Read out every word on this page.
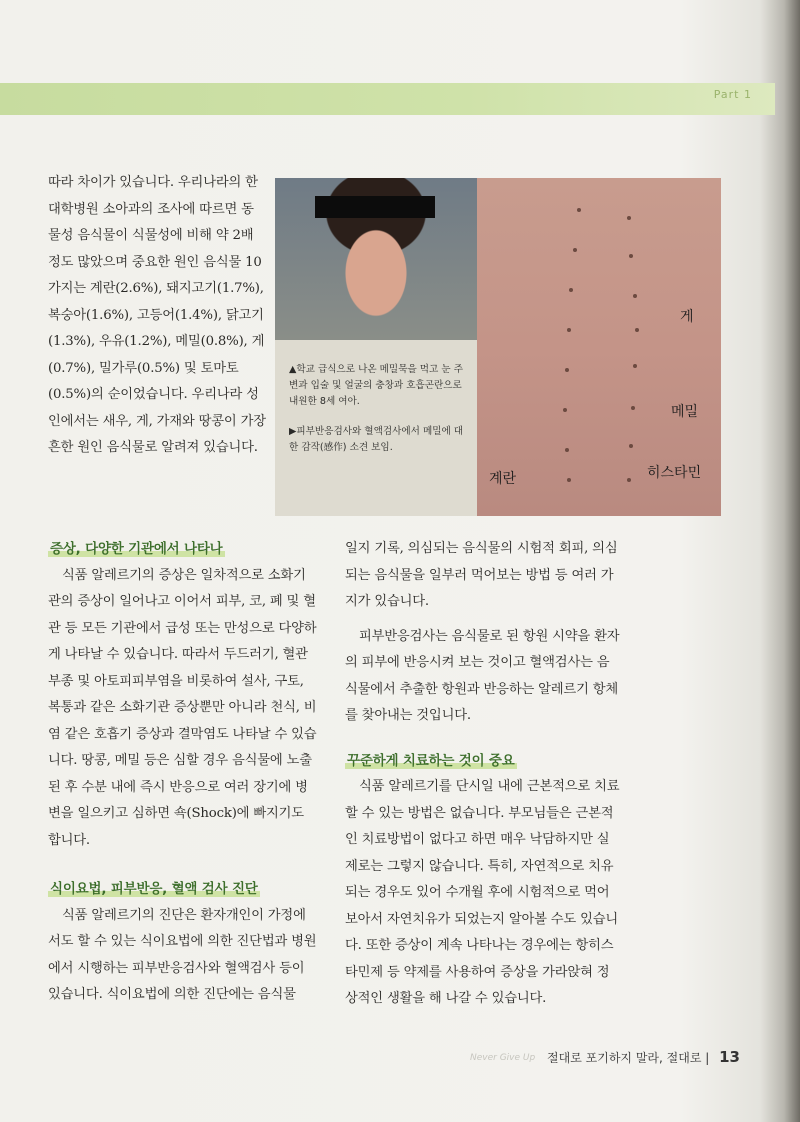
Part 1

따라 차이가 있습니다. 우리나라의 한 대학병원 소아과의 조사에 따르면 동물성 음식물이 식물성에 비해 약 2배 정도 많았으며 중요한 원인 음식물 10가지는 계란(2.6%), 돼지고기(1.7%), 복숭아(1.6%), 고등어(1.4%), 닭고기(1.3%), 우유(1.2%), 메밀(0.8%), 게(0.7%), 밀가루(0.5%) 및 토마토(0.5%)의 순이었습니다. 우리나라 성인에서는 새우, 게, 가재와 땅콩이 가장 흔한 원인 음식물로 알려져 있습니다.

▲학교 급식으로 나온 메밀묵을 먹고 눈 주변과 입술 및 얼굴의 충창과 호흡곤란으로 내원한 8세 여아.

▶피부반응검사와 혈액검사에서 메밀에 대한 감작(感作) 소견 보임.

게
메밀
계란	히스타민

증상, 다양한 기관에서 나타나

식품 알레르기의 증상은 일차적으로 소화기관의 증상이 일어나고 이어서 피부, 코, 폐 및 혈관 등 모든 기관에서 급성 또는 만성으로 다양하게 나타날 수 있습니다. 따라서 두드러기, 혈관부종 및 아토피피부염을 비롯하여 설사, 구토, 복통과 같은 소화기관 증상뿐만 아니라 천식, 비염 같은 호흡기 증상과 결막염도 나타날 수 있습니다. 땅콩, 메밀 등은 심할 경우 음식물에 노출된 후 수분 내에 즉시 반응으로 여러 장기에 병변을 일으키고 심하면 쇽(Shock)에 빠지기도 합니다.

식이요법, 피부반응, 혈액 검사 진단

식품 알레르기의 진단은 환자개인이 가정에서도 할 수 있는 식이요법에 의한 진단법과 병원에서 시행하는 피부반응검사와 혈액검사 등이 있습니다. 식이요법에 의한 진단에는 음식물

일지 기록, 의심되는 음식물의 시험적 회피, 의심되는 음식물을 일부러 먹어보는 방법 등 여러 가지가 있습니다.

피부반응검사는 음식물로 된 항원 시약을 환자의 피부에 반응시켜 보는 것이고 혈액검사는 음식물에서 추출한 항원과 반응하는 알레르기 항체를 찾아내는 것입니다.

꾸준하게 치료하는 것이 중요

식품 알레르기를 단시일 내에 근본적으로 치료할 수 있는 방법은 없습니다. 부모님들은 근본적인 치료방법이 없다고 하면 매우 낙담하지만 실제로는 그렇지 않습니다. 특히, 자연적으로 치유되는 경우도 있어 수개월 후에 시험적으로 먹어 보아서 자연치유가 되었는지 알아볼 수도 있습니다. 또한 증상이 계속 나타나는 경우에는 항히스타민제 등 약제를 사용하여 증상을 가라앉혀 정상적인 생활을 해 나갈 수 있습니다.

Never Give Up 절대로 포기하지 말라, 절대로 | 13
